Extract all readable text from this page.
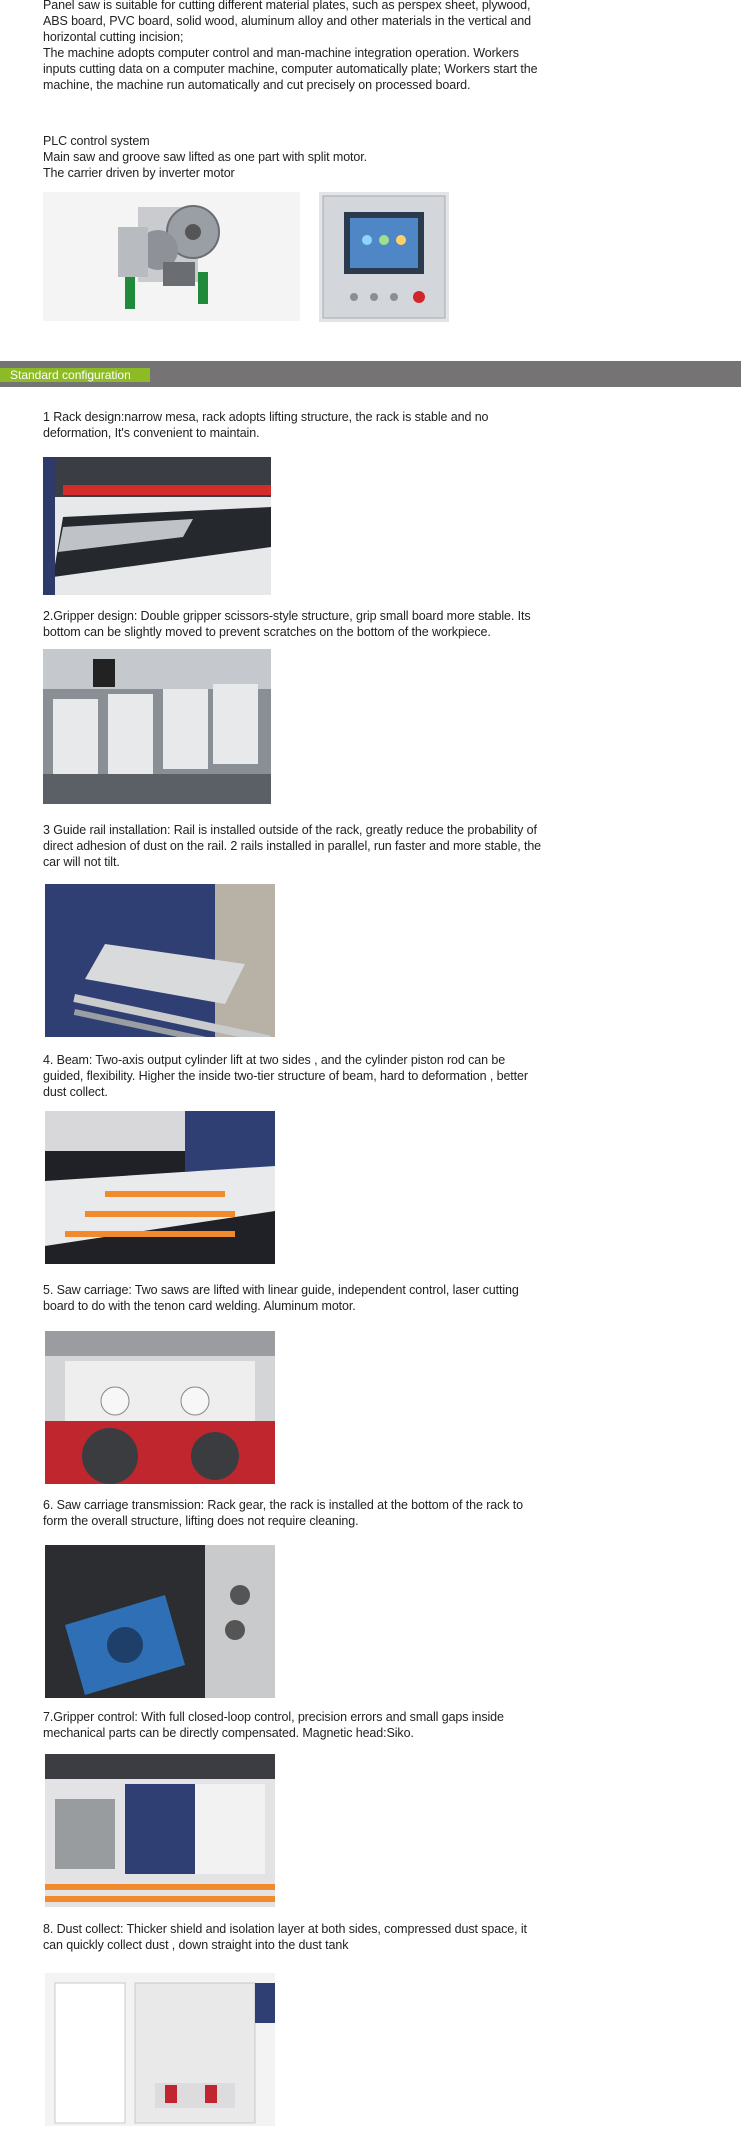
Panel saw is suitable for cutting different material plates, such as perspex sheet, plywood,
ABS board, PVC board, solid wood, aluminum alloy and other materials in the vertical and
horizontal cutting incision;
The machine adopts computer control and man-machine integration operation. Workers
inputs cutting data on a computer machine, computer automatically plate; Workers start the
machine, the machine run automatically and cut precisely on processed board.

PLC control system
Main saw and groove saw lifted as one part with split motor.
The carrier driven by inverter motor

Standard configuration

1 Rack design:narrow mesa, rack adopts lifting structure, the rack is stable and no
deformation, It's convenient to maintain.

2.Gripper design: Double gripper scissors-style structure, grip small board more stable. Its
bottom can be slightly moved to prevent scratches on the bottom of the workpiece.

3 Guide rail installation: Rail is installed outside of the rack, greatly reduce the probability of
direct adhesion of dust on the rail. 2 rails installed in parallel, run faster and more stable, the
car will not tilt.

4. Beam: Two-axis output cylinder lift at two sides , and the cylinder piston rod can be
guided, flexibility. Higher the inside two-tier structure of beam, hard to deformation , better
dust collect.

5. Saw carriage: Two saws are lifted with linear guide, independent control, laser cutting
board to do with the tenon card welding. Aluminum motor.

6. Saw carriage transmission: Rack gear, the rack is installed at the bottom of the rack to
form the overall structure, lifting does not require cleaning.

7.Gripper control: With full closed-loop control, precision errors and small gaps inside
mechanical parts can be directly compensated. Magnetic head:Siko.

8. Dust collect: Thicker shield and isolation layer at both sides, compressed dust space, it
can quickly collect dust , down straight into the dust tank
